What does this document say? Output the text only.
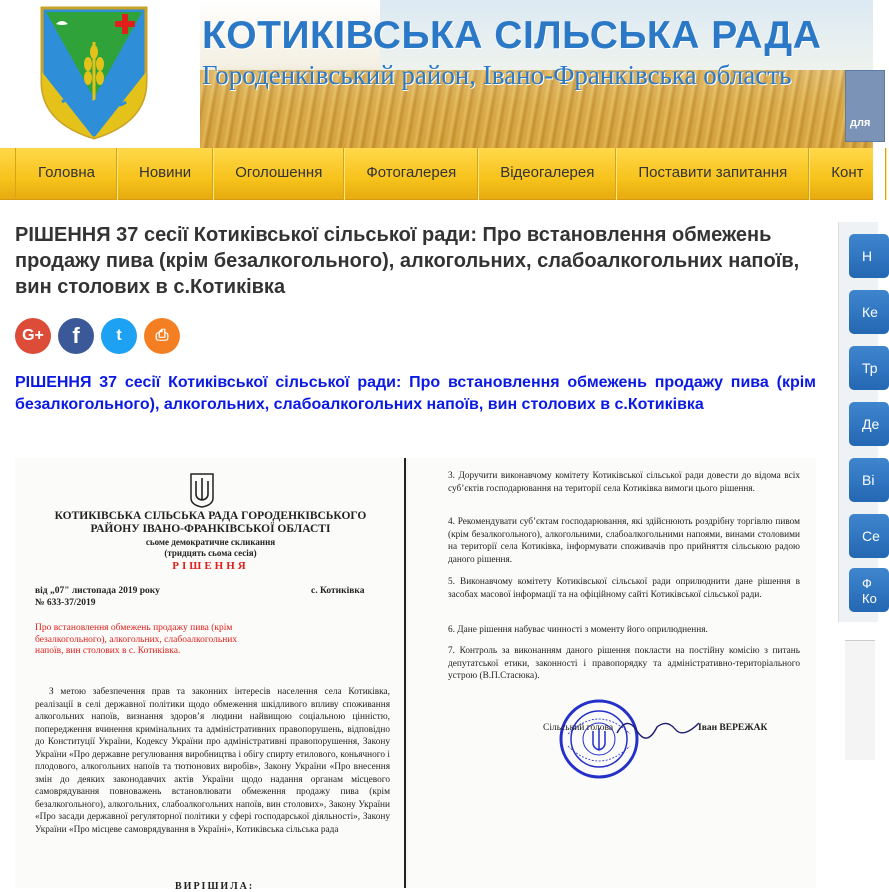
КОТИКІВСЬКА СІЛЬСЬКА РАДА
Городенківський район, Івано-Франківська область
для
Головна	Новини	Оголошення	Фотогалерея	Відеогалерея	Поставити запитання	Конт
РІШЕННЯ 37 сесії Котиківської сільської ради: Про встановлення обмежень продажу пива (крім безалкогольного), алкогольних, слабоалкогольних напоїв, вин столових в с.Котиківка
G+ f t ⎙
РІШЕННЯ 37 сесії Котиківської сільської ради: Про встановлення обмежень продажу пива (крім безалкогольного), алкогольних, слабоалкогольних напоїв, вин столових в с.Котиківка
КОТИКІВСЬКА СІЛЬСЬКА РАДА ГОРОДЕНКІВСЬКОГО РАЙОНУ ІВАНО-ФРАНКІВСЬКОЇ ОБЛАСТІ
сьоме демократичне скликання
(тридцять сьома сесія)
РІШЕННЯ
від „07" листопада 2019 року	с. Котиківка
№ 633-37/2019
Про встановлення обмежень продажу пива (крім безалкогольного), алкогольних, слабоалкогольних напоїв, вин столових в с. Котиківка.
З метою забезпечення прав та законних інтересів населення села Котиківка, реалізації в селі державної політики щодо обмеження шкідливого впливу споживання алкогольних напоїв, визнання здоров’я людини найвищою соціальною цінністю, попередження вчинення кримінальних та адміністративних правопорушень, відповідно до Конституції України, Кодексу України про адміністративні правопорушення, Закону України «Про державне регулювання виробництва і обігу спирту етилового, коньячного і плодового, алкогольних напоїв та тютюнових виробів», Закону України «Про внесення змін до деяких законодавчих актів України щодо надання органам місцевого самоврядування повноважень встановлювати обмеження продажу пива (крім безалкогольного), алкогольних, слабоалкогольних напоїв, вин столових», Закону України «Про засади державної регуляторної політики у сфері господарської діяльності», Закону України «Про місцеве самоврядування в Україні», Котиківська сільська рада
ВИРІШИЛА:
3. Доручити виконавчому комітету Котиківської сільської ради довести до відома всіх суб’єктів господарювання на території села Котиківка вимоги цього рішення.
4. Рекомендувати суб’єктам господарювання, які здійснюють роздрібну торгівлю пивом (крім безалкогольного), алкогольними, слабоалкогольними напоями, винами столовими на території села Котиківка, інформувати споживачів про прийняття сільською радою даного рішення.
5. Виконавчому комітету Котиківської сільської ради оприлюднити дане рішення в засобах масової інформації та на офіційному сайті Котиківської сільської ради.
6. Дане рішення набуває чинності з моменту його оприлюднення.
7. Контроль за виконанням даного рішення покласти на постійну комісію з питань депутатської етики, законності і правопорядку та адміністративно-територіального устрою (В.П.Стасюка).
Сільський голова	Іван ВЕРЕЖАК
Н
Ке
Тр
Де
Ві
Се
Ф
Ко
